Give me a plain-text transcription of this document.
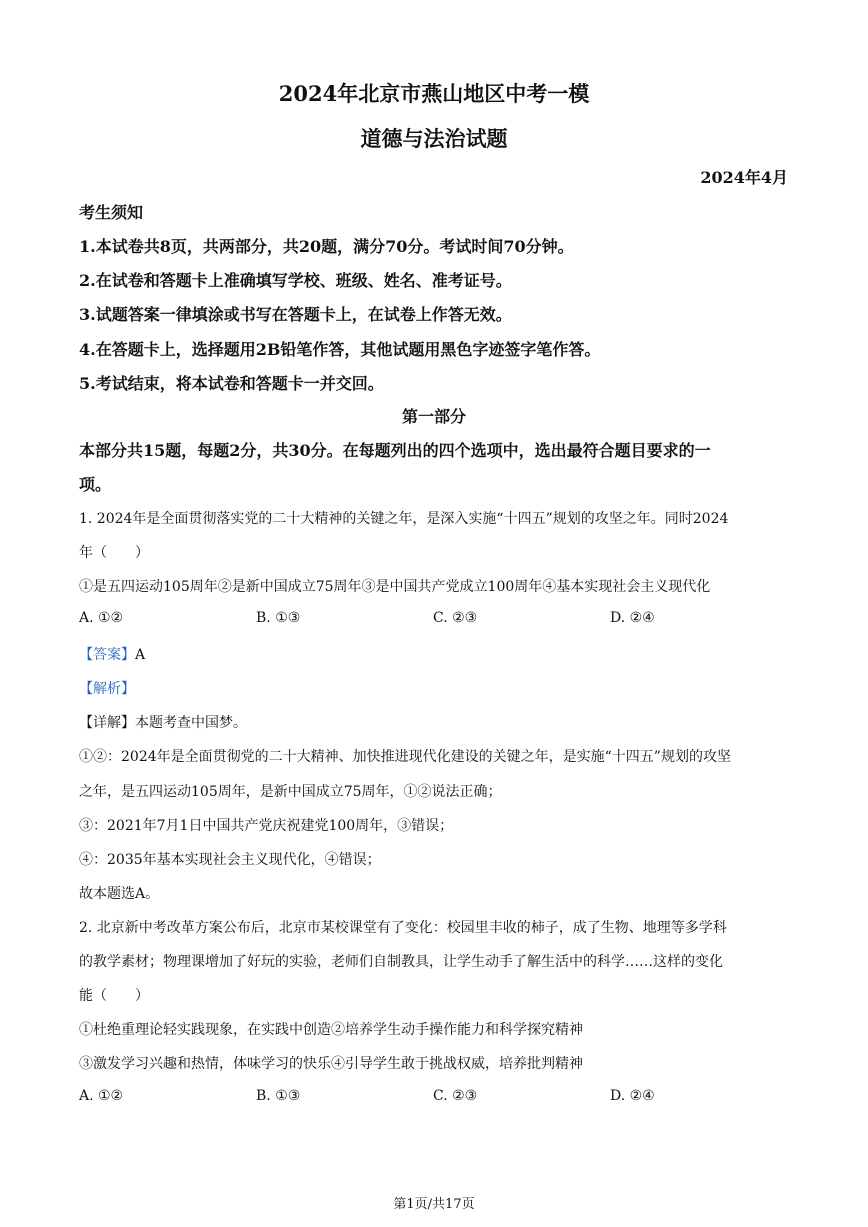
2024年北京市燕山地区中考一模
道德与法治试题
2024年4月
考生须知
1.本试卷共8页，共两部分，共20题，满分70分。考试时间70分钟。
2.在试卷和答题卡上准确填写学校、班级、姓名、准考证号。
3.试题答案一律填涂或书写在答题卡上，在试卷上作答无效。
4.在答题卡上，选择题用2B铅笔作答，其他试题用黑色字迹签字笔作答。
5.考试结束，将本试卷和答题卡一并交回。
第一部分
本部分共15题，每题2分，共30分。在每题列出的四个选项中，选出最符合题目要求的一
项。
1. 2024年是全面贯彻落实党的二十大精神的关键之年，是深入实施“十四五”规划的攻坚之年。同时2024
年（　　）
①是五四运动105周年②是新中国成立75周年③是中国共产党成立100周年④基本实现社会主义现代化
A. ①②	B. ①③	C. ②③	D. ②④
【答案】A
【解析】
【详解】本题考查中国梦。
①②：2024年是全面贯彻党的二十大精神、加快推进现代化建设的关键之年，是实施“十四五”规划的攻坚
之年，是五四运动105周年，是新中国成立75周年，①②说法正确；
③：2021年7月1日中国共产党庆祝建党100周年，③错误；
④：2035年基本实现社会主义现代化，④错误；
故本题选A。
2. 北京新中考改革方案公布后，北京市某校课堂有了变化：校园里丰收的柿子，成了生物、地理等多学科
的教学素材；物理课增加了好玩的实验，老师们自制教具，让学生动手了解生活中的科学……这样的变化
能（　　）
①杜绝重理论轻实践现象，在实践中创造②培养学生动手操作能力和科学探究精神
③激发学习兴趣和热情，体味学习的快乐④引导学生敢于挑战权威，培养批判精神
A. ①②	B. ①③	C. ②③	D. ②④
第1页/共17页
